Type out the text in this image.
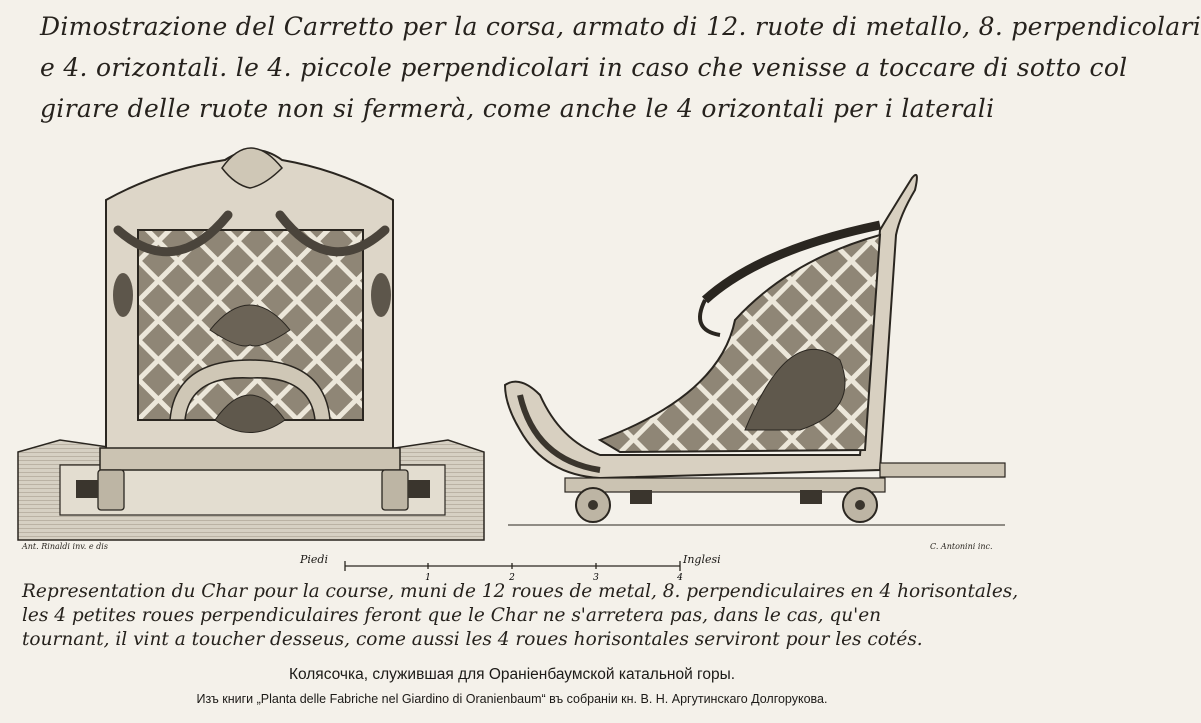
Dimostrazione del Carretto per la corsa, armato di 12. ruote di metallo, 8. perpendicolari
e 4. orizontali. le 4. piccole perpendicolari in caso che venisse a toccare di sotto col
girare delle ruote non si fermerà, come anche le 4 orizontali per i laterali
1	2	3	4
Ant. Rinaldi inv. e dis	C. Antonini inc.
Piedi	Inglesi
Representation du Char pour la course, muni de 12 roues de metal, 8. perpendiculaires en 4 horisontales,
les 4 petites roues perpendiculaires feront que le Char ne s'arretera pas, dans le cas, qu'en
tournant, il vint a toucher desseus, come aussi les 4 roues horisontales serviront pour les cotés.
Колясочка, служившая для Ораніенбаумской катальной горы.
Изъ книги „Planta delle Fabriche nel Giardino di Oranienbaum“ въ собраніи кн. В. Н. Аргутинскаго Долгорукова.
